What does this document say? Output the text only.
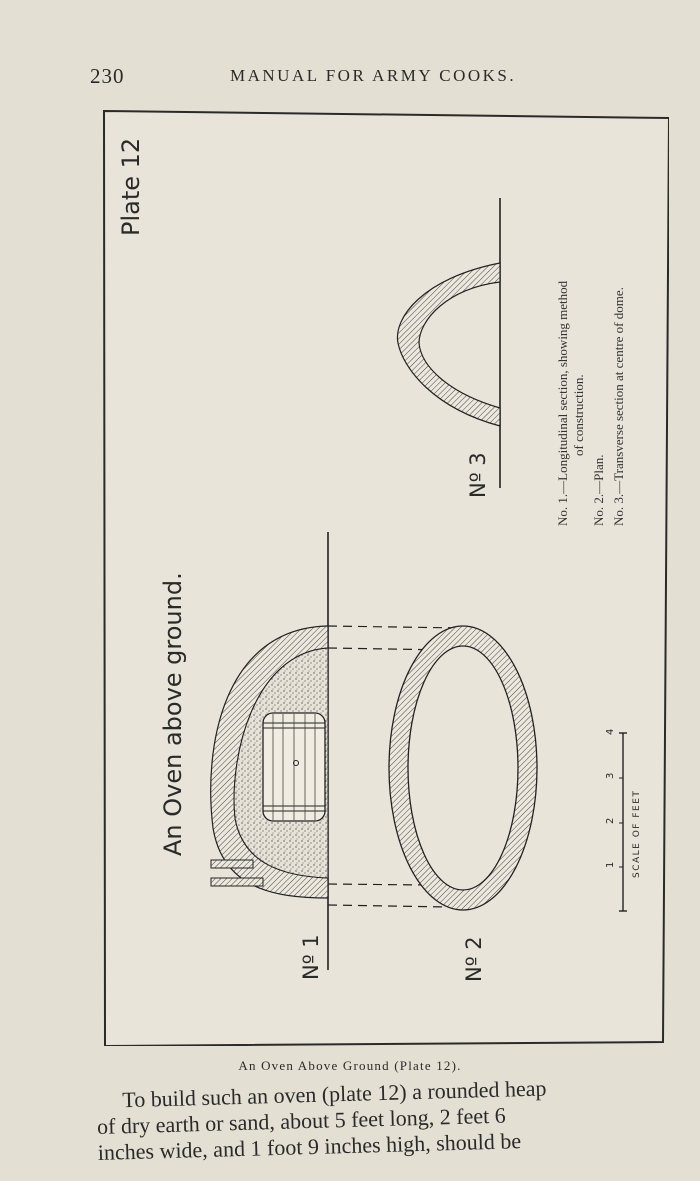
230	MANUAL FOR ARMY COOKS.
Plate 12
An Oven above ground.
Nº 1	Nº 2
Nº 3	No. 1.—Longitudinal section, showing method of construction.
No. 2.—Plan. No. 3.—Transverse section at centre of dome.
1
2
3
4
SCALE OF FEET
An Oven Above Ground (Plate 12).

To build such an oven (plate 12) a rounded heap

of dry earth or sand, about 5 feet long, 2 feet 6

inches wide, and 1 foot 9 inches high, should be
